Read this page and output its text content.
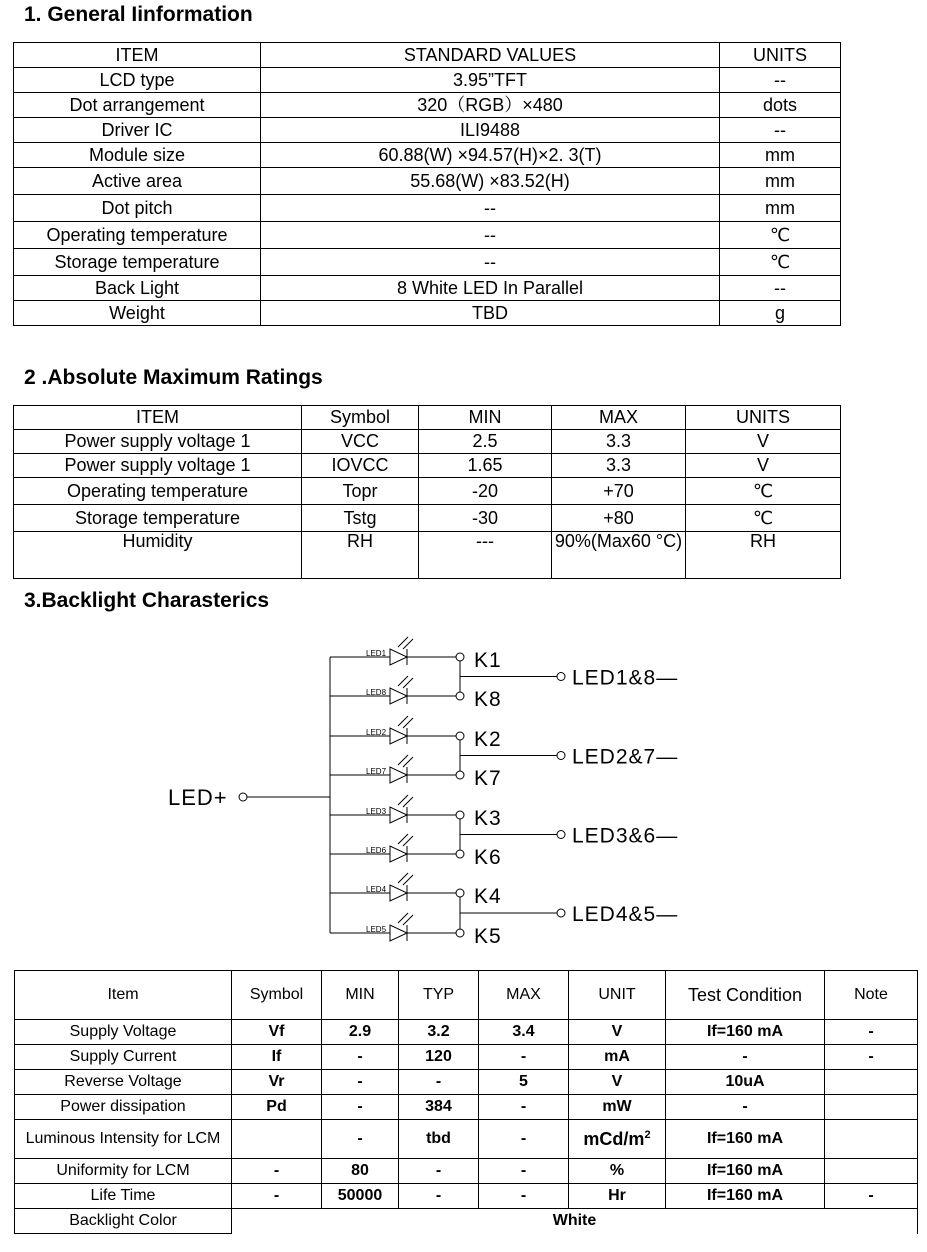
1. General Iinformation
ITEM	STANDARD VALUES	UNITS
LCD type	3.95”TFT	--
Dot arrangement	320（RGB）×480	dots
Driver IC	ILI9488	--
Module size	60.88(W) ×94.57(H)×2. 3(T)	mm
Active area	55.68(W) ×83.52(H)	mm
Dot pitch	--	mm
Operating temperature	--	℃
Storage temperature	--	℃
Back Light	8 White LED In Parallel	--
Weight	TBD	g
2 .Absolute Maximum Ratings
ITEM	Symbol	MIN	MAX	UNITS
Power supply voltage 1	VCC	2.5	3.3	V
Power supply voltage 1	IOVCC	1.65	3.3	V
Operating temperature	Topr	-20	+70	℃
Storage temperature	Tstg	-30	+80	℃
Humidity	RH	---	90%(Max60 °C)	RH
3.Backlight Charasterics
LED+
LED1	K1
LED8	K8
LED2	K2
LED7	K7
LED3	K3
LED6	K6
LED4	K4
LED5	K5
LED1&8—
LED2&7—
LED3&6—
LED4&5—
Item	Symbol	MIN	TYP	MAX	UNIT	Test Condition	Note
Supply Voltage	Vf	2.9	3.2	3.4	V	If=160 mA	-
Supply Current	If	-	120	-	mA	-	-
Reverse Voltage	Vr	-	-	5	V	10uA	
Power dissipation	Pd	-	384	-	mW	-	
Luminous Intensity for LCM		-	tbd	-	mCd/$m^2$	If=160 mA	
Uniformity for LCM	-	80	-	-	%	If=160 mA	
Life Time	-	50000	-	-	Hr	If=160 mA	-
Backlight Color	White						
